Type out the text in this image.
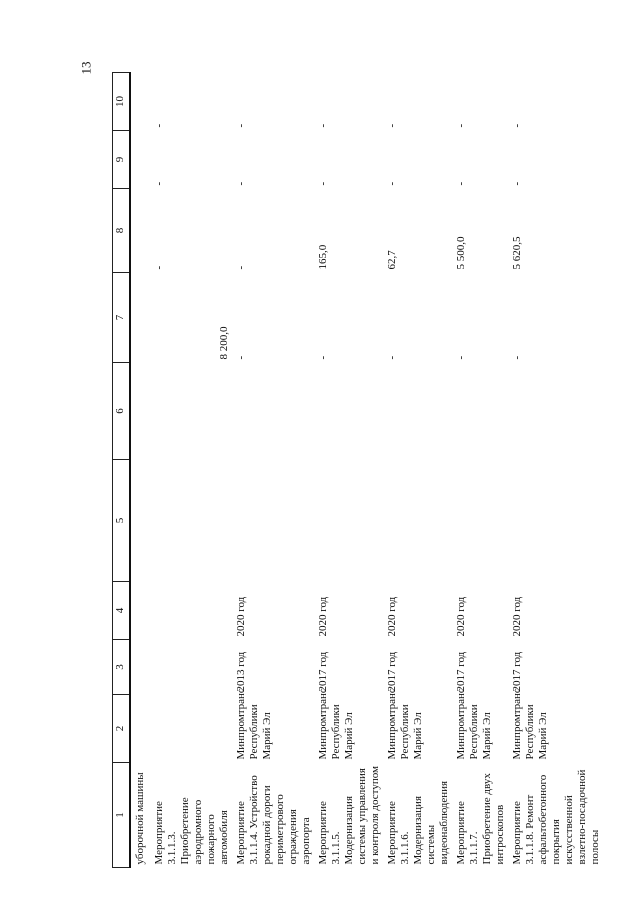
13
1	2	3	4	5	6	7	8	9	10
уборочной машины									
Мероприятие 3.1.1.3. Приобретение аэродромного пожарного автомобиля						8 200,0	-	-	-
Мероприятие 3.1.1.4. Устройство рокадной дороги периметрового ограждения аэропорта	Минпромтранс Республики Марий Эл	2013 год	2020 год			-	-	-	-
Мероприятие 3.1.1.5. Модернизация системы управления и контроля доступом	Минпромтранс Республики Марий Эл	2017 год	2020 год			-	165,0	-	-
Мероприятие 3.1.1.6. Модернизация системы видеонаблюдения	Минпромтранс Республики Марий Эл	2017 год	2020 год			-	62,7	-	-
Мероприятие 3.1.1.7. Приобретение двух интроскопов	Минпромтранс Республики Марий Эл	2017 год	2020 год			-	5 500,0	-	-
Мероприятие 3.1.1.8. Ремонт асфальтобетонного покрытия искусственной взлетно-посадочной полосы	Минпромтранс Республики Марий Эл	2017 год	2020 год			-	5 620,5	-	-
